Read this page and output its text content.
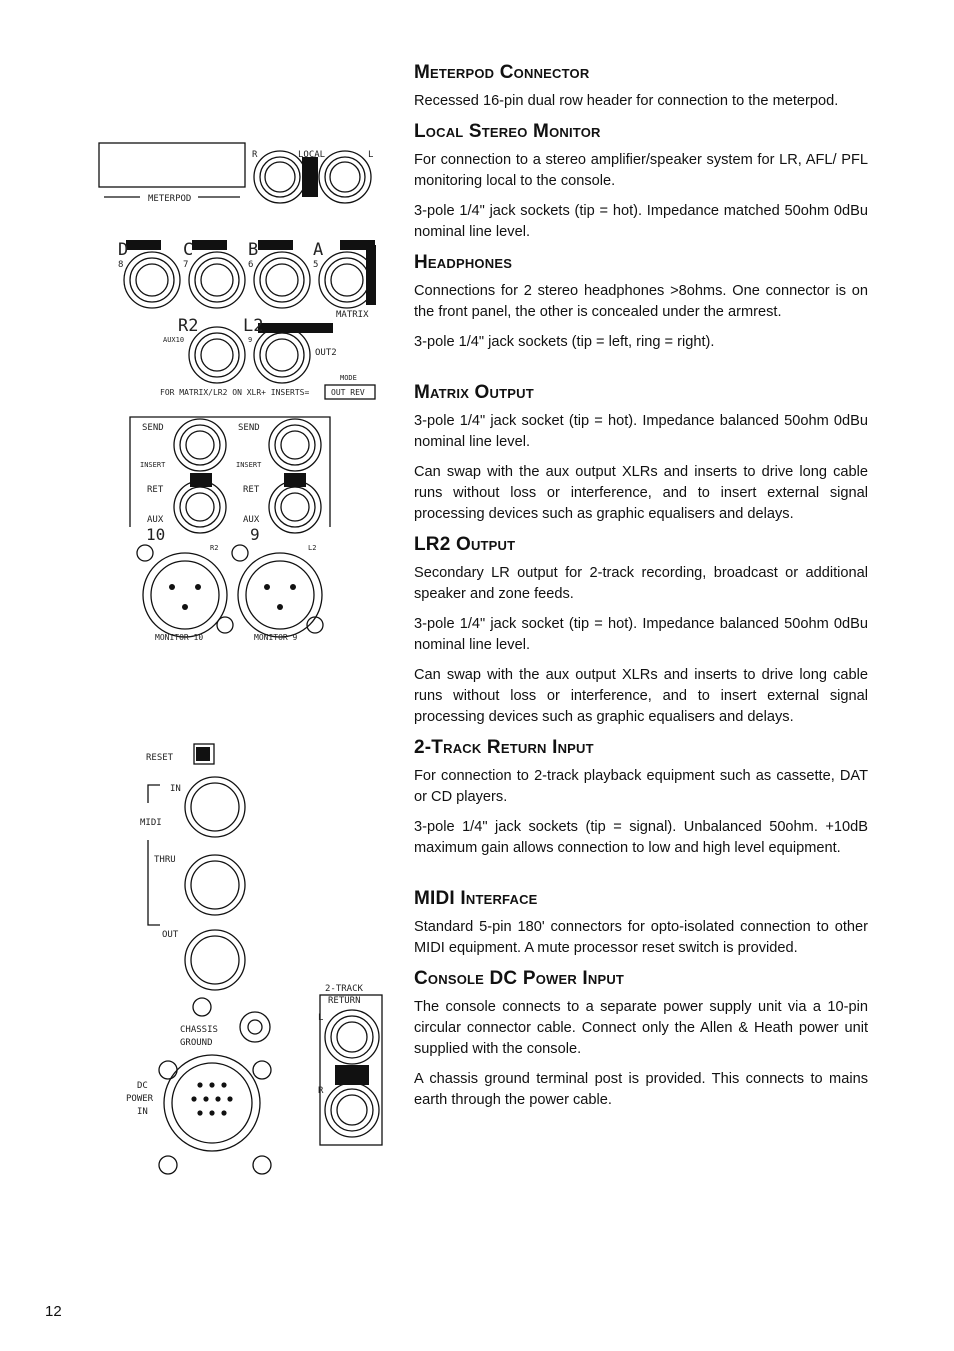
METERPOD
LOCAL
R	L
D	C	B	A
8	7	6	5
MATRIX
R2	L2
AUX10	9
OUT2
MODE
OUT REV
FOR MATRIX/LR2 ON XLR+ INSERTS=
SEND	SEND
INSERT	INSERT
RET	RET
AUX	AUX
10	9
R2	L2
MONITOR 10	MONITOR 9
RESET
IN
MIDI
THRU
OUT
2-TRACK
RETURN
L
R
CHASSIS
GROUND
DC
POWER
IN
Meterpod Connector

Recessed 16-pin dual row header for connection to the meterpod.

Local Stereo Monitor

For connection to a stereo amplifier/speaker system for LR, AFL/ PFL monitoring local to the console.

3-pole 1/4" jack sockets (tip = hot). Impedance matched 50ohm 0dBu nominal line level.

Headphones

Connections for 2 stereo headphones >8ohms. One connector is on the front panel, the other is concealed under the armrest.

3-pole 1/4" jack sockets (tip = left, ring = right).

Matrix Output

3-pole 1/4" jack socket (tip = hot). Impedance balanced 50ohm 0dBu nominal line level.

Can swap with the aux output XLRs and inserts to drive long cable runs without loss or interference, and to insert external signal processing devices such as graphic equalisers and delays.

LR2 Output

Secondary LR output for 2-track recording, broadcast or additional speaker and zone feeds.

3-pole 1/4" jack socket (tip = hot). Impedance balanced 50ohm 0dBu nominal line level.

Can swap with the aux output XLRs and inserts to drive long cable runs without loss or interference, and to insert external signal processing devices such as graphic equalisers and delays.

2-Track Return Input

For connection to 2-track playback equipment such as cassette, DAT or CD players.

3-pole 1/4" jack sockets (tip = signal). Unbalanced 50ohm. +10dB maximum gain allows connection to low and high level equipment.

MIDI Interface

Standard 5-pin 180' connectors for opto-isolated connection to other MIDI equipment. A mute processor reset switch is provided.

Console DC Power Input

The console connects to a separate power supply unit via a 10-pin circular connector cable. Connect only the Allen & Heath power unit supplied with the console.

A chassis ground terminal post is provided. This connects to mains earth through the power cable.

12
